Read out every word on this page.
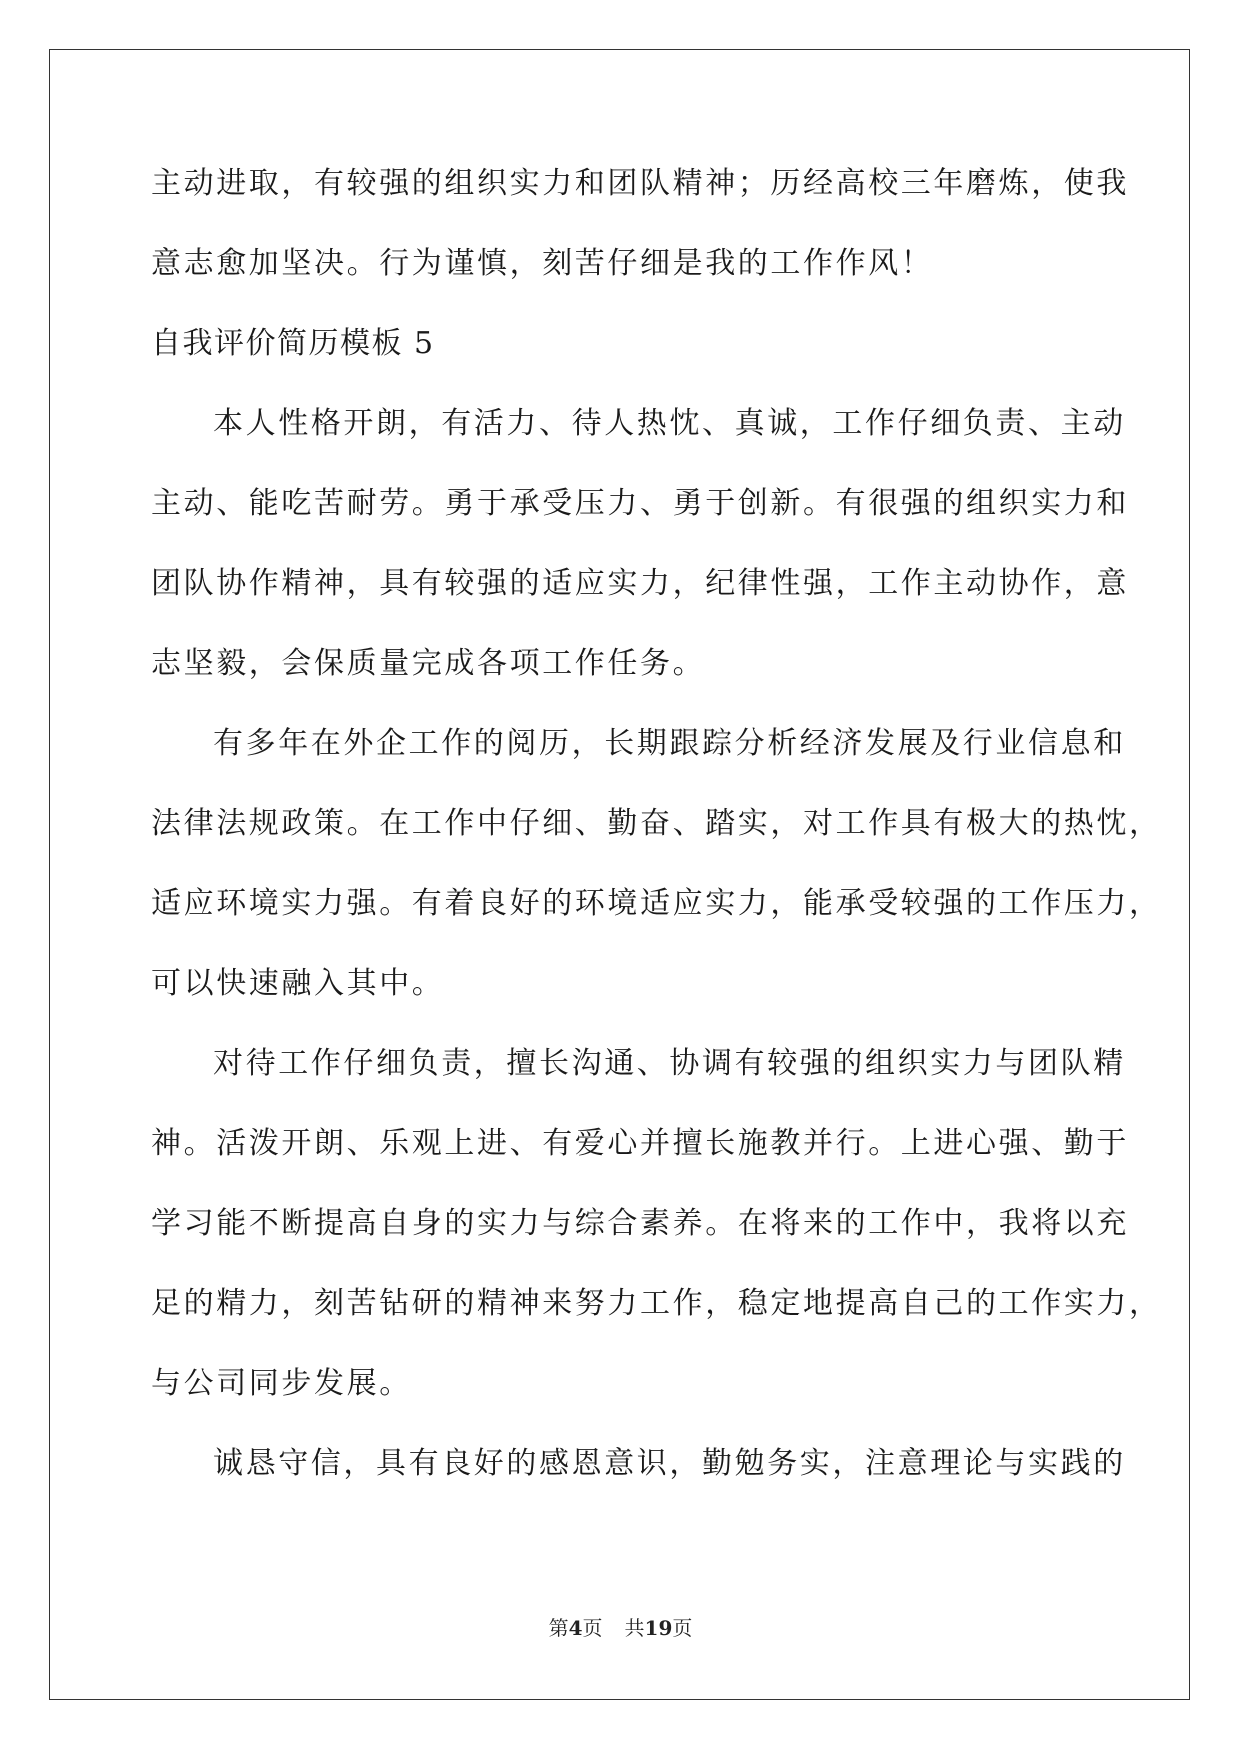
主动进取，有较强的组织实力和团队精神；历经高校三年磨炼，使我
意志愈加坚决。行为谨慎，刻苦仔细是我的工作作风！
自我评价简历模板 5
本人性格开朗，有活力、待人热忱、真诚，工作仔细负责、主动
主动、能吃苦耐劳。勇于承受压力、勇于创新。有很强的组织实力和
团队协作精神，具有较强的适应实力，纪律性强，工作主动协作，意
志坚毅，会保质量完成各项工作任务。
有多年在外企工作的阅历，长期跟踪分析经济发展及行业信息和
法律法规政策。在工作中仔细、勤奋、踏实，对工作具有极大的热忱，
适应环境实力强。有着良好的环境适应实力，能承受较强的工作压力，
可以快速融入其中。
对待工作仔细负责，擅长沟通、协调有较强的组织实力与团队精
神。活泼开朗、乐观上进、有爱心并擅长施教并行。上进心强、勤于
学习能不断提高自身的实力与综合素养。在将来的工作中，我将以充
足的精力，刻苦钻研的精神来努力工作，稳定地提高自己的工作实力，
与公司同步发展。
诚恳守信，具有良好的感恩意识，勤勉务实，注意理论与实践的
第4页 共19页
